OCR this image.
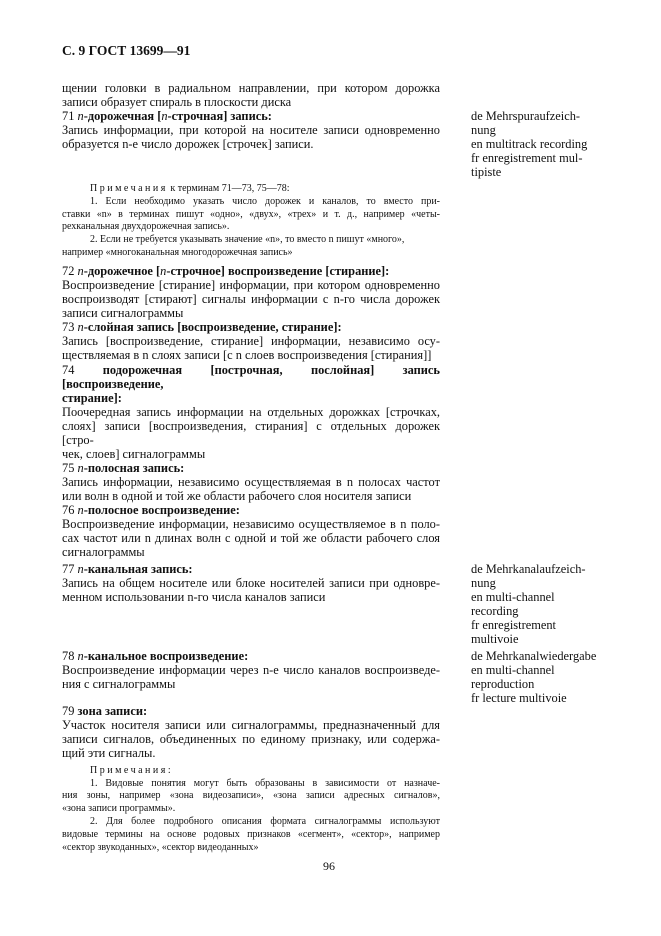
С. 9 ГОСТ 13699—91
щении головки в радиальном направлении, при котором дорожка
записи образует спираль в плоскости диска
71 n-дорожечная [n-строчная] запись:
Запись информации, при которой на носителе записи одновременно
образуется n-е число дорожек [строчек] записи.
de Mehrspuraufzeich-
nung
en multitrack recording
fr enregistrement mul-
tipiste
Примечания к терминам 71—73, 75—78:
1. Если необходимо указать число дорожек и каналов, то вместо при-
ставки «n» в терминах пишут «одно», «двух», «трех» и т. д., например «четы-
рехканальная двухдорожечная запись».
2. Если не требуется указывать значение «n», то вместо n пишут «много»,
например «многоканальная многодорожечная запись»
72 n-дорожечное [n-строчное] воспроизведение [стирание]:
Воспроизведение [стирание] информации, при котором одновременно
воспроизводят [стирают] сигналы информации с n-го числа дорожек
записи сигналограммы
73 n-слойная запись [воспроизведение, стирание]:
Запись [воспроизведение, стирание] информации, независимо осу-
ществляемая в n слоях записи [с n слоев воспроизведения [стирания]]
74 подорожечная [построчная, послойная] запись [воспроизведение,
стирание]:
Поочередная запись информации на отдельных дорожках [строчках,
слоях] записи [воспроизведения, стирания] с отдельных дорожек [стро-
чек, слоев] сигналограммы
75 n-полосная запись:
Запись информации, независимо осуществляемая в n полосах частот
или волн в одной и той же области рабочего слоя носителя записи
76 n-полосное воспроизведение:
Воспроизведение информации, независимо осуществляемое в n поло-
сах частот или n длинах волн с одной и той же области рабочего слоя
сигналограммы
77 n-канальная запись:
Запись на общем носителе или блоке носителей записи при одновре-
менном использовании n-го числа каналов записи
de Mehrkanalaufzeich-
nung
en multi-channel
recording
fr enregistrement
multivoie
78 n-канальное воспроизведение:
Воспроизведение информации через n-е число каналов воспроизведе-
ния с сигналограммы
de Mehrkanalwiedergabe
en multi-channel
reproduction
fr lecture multivoie
79 зона записи:
Участок носителя записи или сигналограммы, предназначенный для
записи сигналов, объединенных по единому признаку, или содержа-
щий эти сигналы.
Примечания:
1. Видовые понятия могут быть образованы в зависимости от назначе-
ния зоны, например «зона видеозаписи», «зона записи адресных сигналов»,
«зона записи программы».
2. Для более подробного описания формата сигналограммы используют
видовые термины на основе родовых признаков «сегмент», «сектор», например
«сектор звукоданных», «сектор видеоданных»
96
